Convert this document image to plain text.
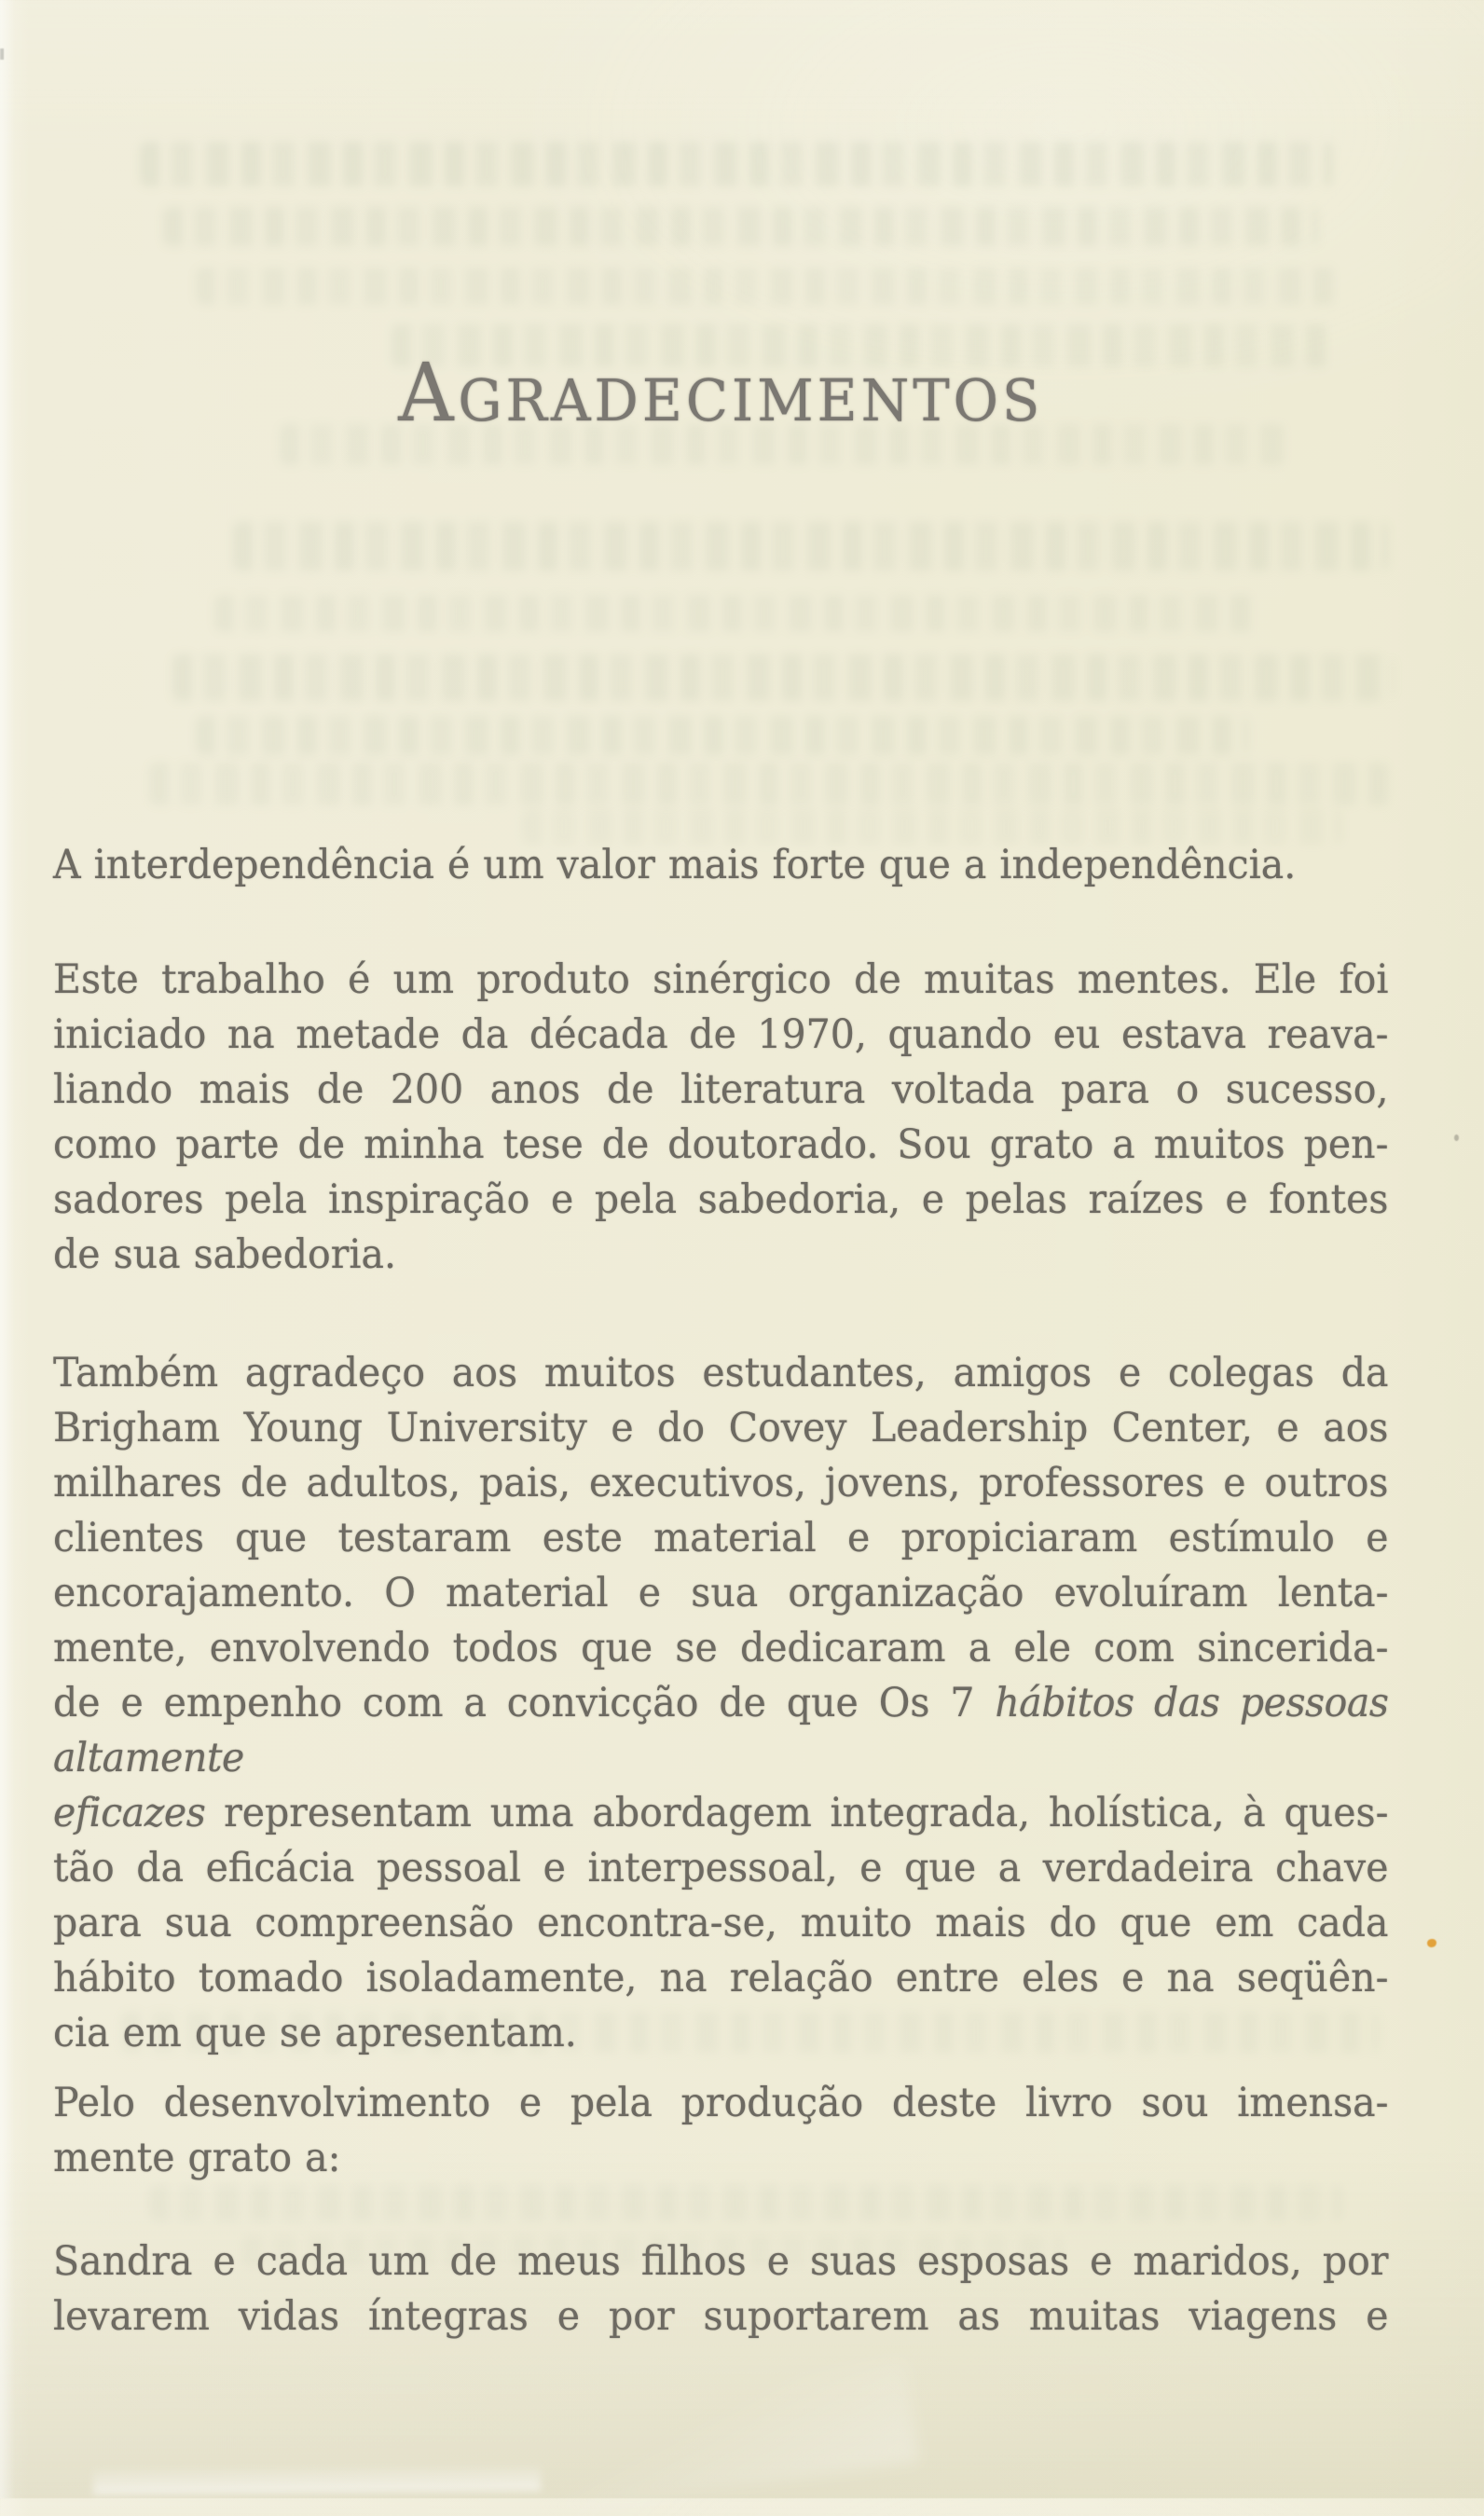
AGRADECIMENTOS
A interdependência é um valor mais forte que a independência.
Este trabalho é um produto sinérgico de muitas mentes. Ele foi
iniciado na metade da década de 1970, quando eu estava reava-
liando mais de 200 anos de literatura voltada para o sucesso,
como parte de minha tese de doutorado. Sou grato a muitos pen-
sadores pela inspiração e pela sabedoria, e pelas raízes e fontes
de sua sabedoria.
Também agradeço aos muitos estudantes, amigos e colegas da
Brigham Young University e do Covey Leadership Center, e aos
milhares de adultos, pais, executivos, jovens, professores e outros
clientes que testaram este material e propiciaram estímulo e
encorajamento. O material e sua organização evoluíram lenta-
mente, envolvendo todos que se dedicaram a ele com sincerida-
de e empenho com a convicção de que Os 7 hábitos das pessoas altamente
eficazes representam uma abordagem integrada, holística, à ques-
tão da eficácia pessoal e interpessoal, e que a verdadeira chave
para sua compreensão encontra-se, muito mais do que em cada
hábito tomado isoladamente, na relação entre eles e na seqüên-
cia em que se apresentam.
Pelo desenvolvimento e pela produção deste livro sou imensa-
mente grato a:
Sandra e cada um de meus filhos e suas esposas e maridos, por
levarem vidas íntegras e por suportarem as muitas viagens e
